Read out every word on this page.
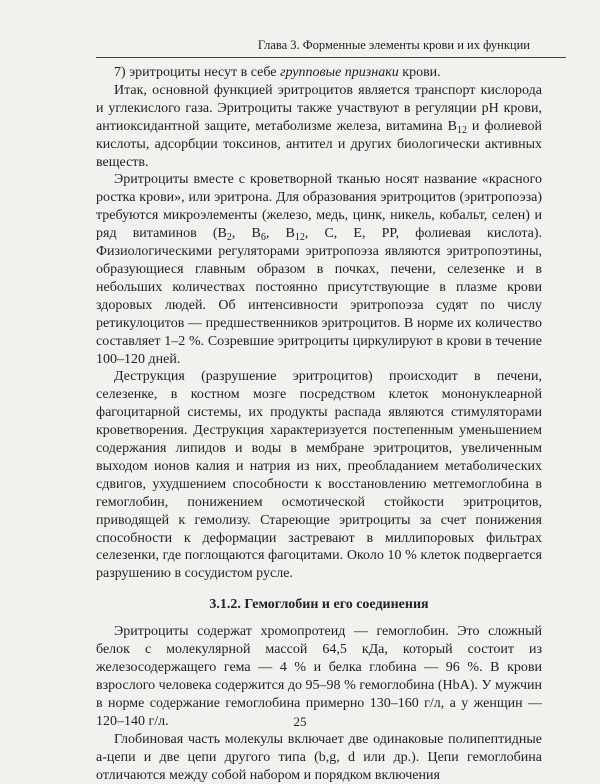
Глава 3. Форменные элементы крови и их функции

7) эритроциты несут в себе групповые признаки крови.

Итак, основной функцией эритроцитов является транспорт кислорода и углекислого газа. Эритроциты также участвуют в регуляции pH крови, антиоксидантной защите, метаболизме железа, витамина $B_{12}$ и фолиевой кислоты, адсорбции токсинов, антител и других биологически активных веществ.

Эритроциты вместе с кроветворной тканью носят название «красного ростка крови», или эритрона. Для образования эритроцитов (эритропоэза) требуются микроэлементы (железо, медь, цинк, никель, кобальт, селен) и ряд витаминов ($B_2$, $B_6$, $B_{12}$, C, E, PP, фолиевая кислота). Физиологическими регуляторами эритропоэза являются эритропоэтины, образующиеся главным образом в почках, печени, селезенке и в небольших количествах постоянно присутствующие в плазме крови здоровых людей. Об интенсивности эритропоэза судят по числу ретикулоцитов — предшественников эритроцитов. В норме их количество составляет 1–2 %. Созревшие эритроциты циркулируют в крови в течение 100–120 дней.

Деструкция (разрушение эритроцитов) происходит в печени, селезенке, в костном мозге посредством клеток мононуклеарной фагоцитарной системы, их продукты распада являются стимуляторами кроветворения. Деструкция характеризуется постепенным уменьшением содержания липидов и воды в мембране эритроцитов, увеличенным выходом ионов калия и натрия из них, преобладанием метаболических сдвигов, ухудшением способности к восстановлению метгемоглобина в гемоглобин, понижением осмотической стойкости эритроцитов, приводящей к гемолизу. Стареющие эритроциты за счет понижения способности к деформации застревают в миллипоровых фильтрах селезенки, где поглощаются фагоцитами. Около 10 % клеток подвергается разрушению в сосудистом русле.

3.1.2. Гемоглобин и его соединения

Эритроциты содержат хромопротеид — гемоглобин. Это сложный белок с молекулярной массой 64,5 кДа, который состоит из железосодержащего гема — 4 % и белка глобина — 96 %. В крови взрослого человека содержится до 95–98 % гемоглобина (HbA). У мужчин в норме содержание гемоглобина примерно 130–160 г/л, а у женщин — 120–140 г/л.

Глобиновая часть молекулы включает две одинаковые полипептидные a-цепи и две цепи другого типа (b,g, d или др.). Цепи гемоглобина отличаются между собой набором и порядком включения

25
